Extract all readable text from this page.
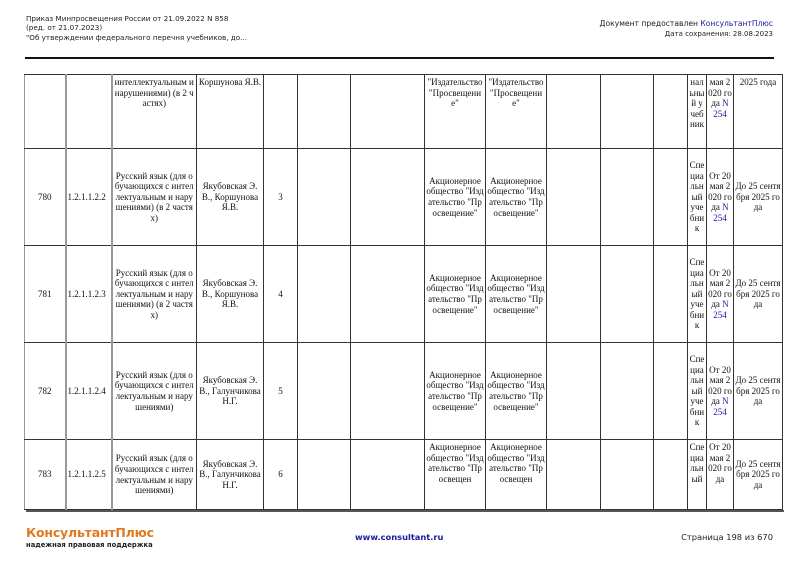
Приказ Минпросвещения России от 21.09.2022 N 858
(ред. от 21.07.2023)
"Об утверждении федерального перечня учебников, до...
Документ предоставлен КонсультантПлюс
Дата сохранения: 28.08.2023
		интеллектуальным и нарушениями) (в 2 частях)	Коршунова Я.В.				"Издательство "Просвещение"	"Издательство "Просвещение"				нальный учебник	мая 2020 года N 254	2025 года
780	1.2.1.1.2.2	Русский язык (для обучающихся с интеллектуальным и нарушениями) (в 2 частях)	Якубовская Э.В., Коршунова Я.В.	3			Акционерное общество "Издательство "Просвещение"	Акционерное общество "Издательство "Просвещение"				Специальный учебник	От 20 мая 2020 года N 254	До 25 сентября 2025 года
781	1.2.1.1.2.3	Русский язык (для обучающихся с интеллектуальным и нарушениями) (в 2 частях)	Якубовская Э.В., Коршунова Я.В.	4			Акционерное общество "Издательство "Просвещение"	Акционерное общество "Издательство "Просвещение"				Специальный учебник	От 20 мая 2020 года N 254	До 25 сентября 2025 года
782	1.2.1.1.2.4	Русский язык (для обучающихся с интеллектуальным и нарушениями)	Якубовская Э.В., Галунчикова Н.Г.	5			Акционерное общество "Издательство "Просвещение"	Акционерное общество "Издательство "Просвещение"				Специальный учебник	От 20 мая 2020 года N 254	До 25 сентября 2025 года
783	1.2.1.1.2.5	Русский язык (для обучающихся с интеллектуальным и нарушениями)	Якубовская Э.В., Галунчикова Н.Г.	6			Акционерное общество "Издательство "Просвещен	Акционерное общество "Издательство "Просвещен				Специальный	От 20 мая 2020 года	До 25 сентября 2025 года
КонсультантПлюс
надежная правовая поддержка
www.consultant.ru	Страница 198 из 670
